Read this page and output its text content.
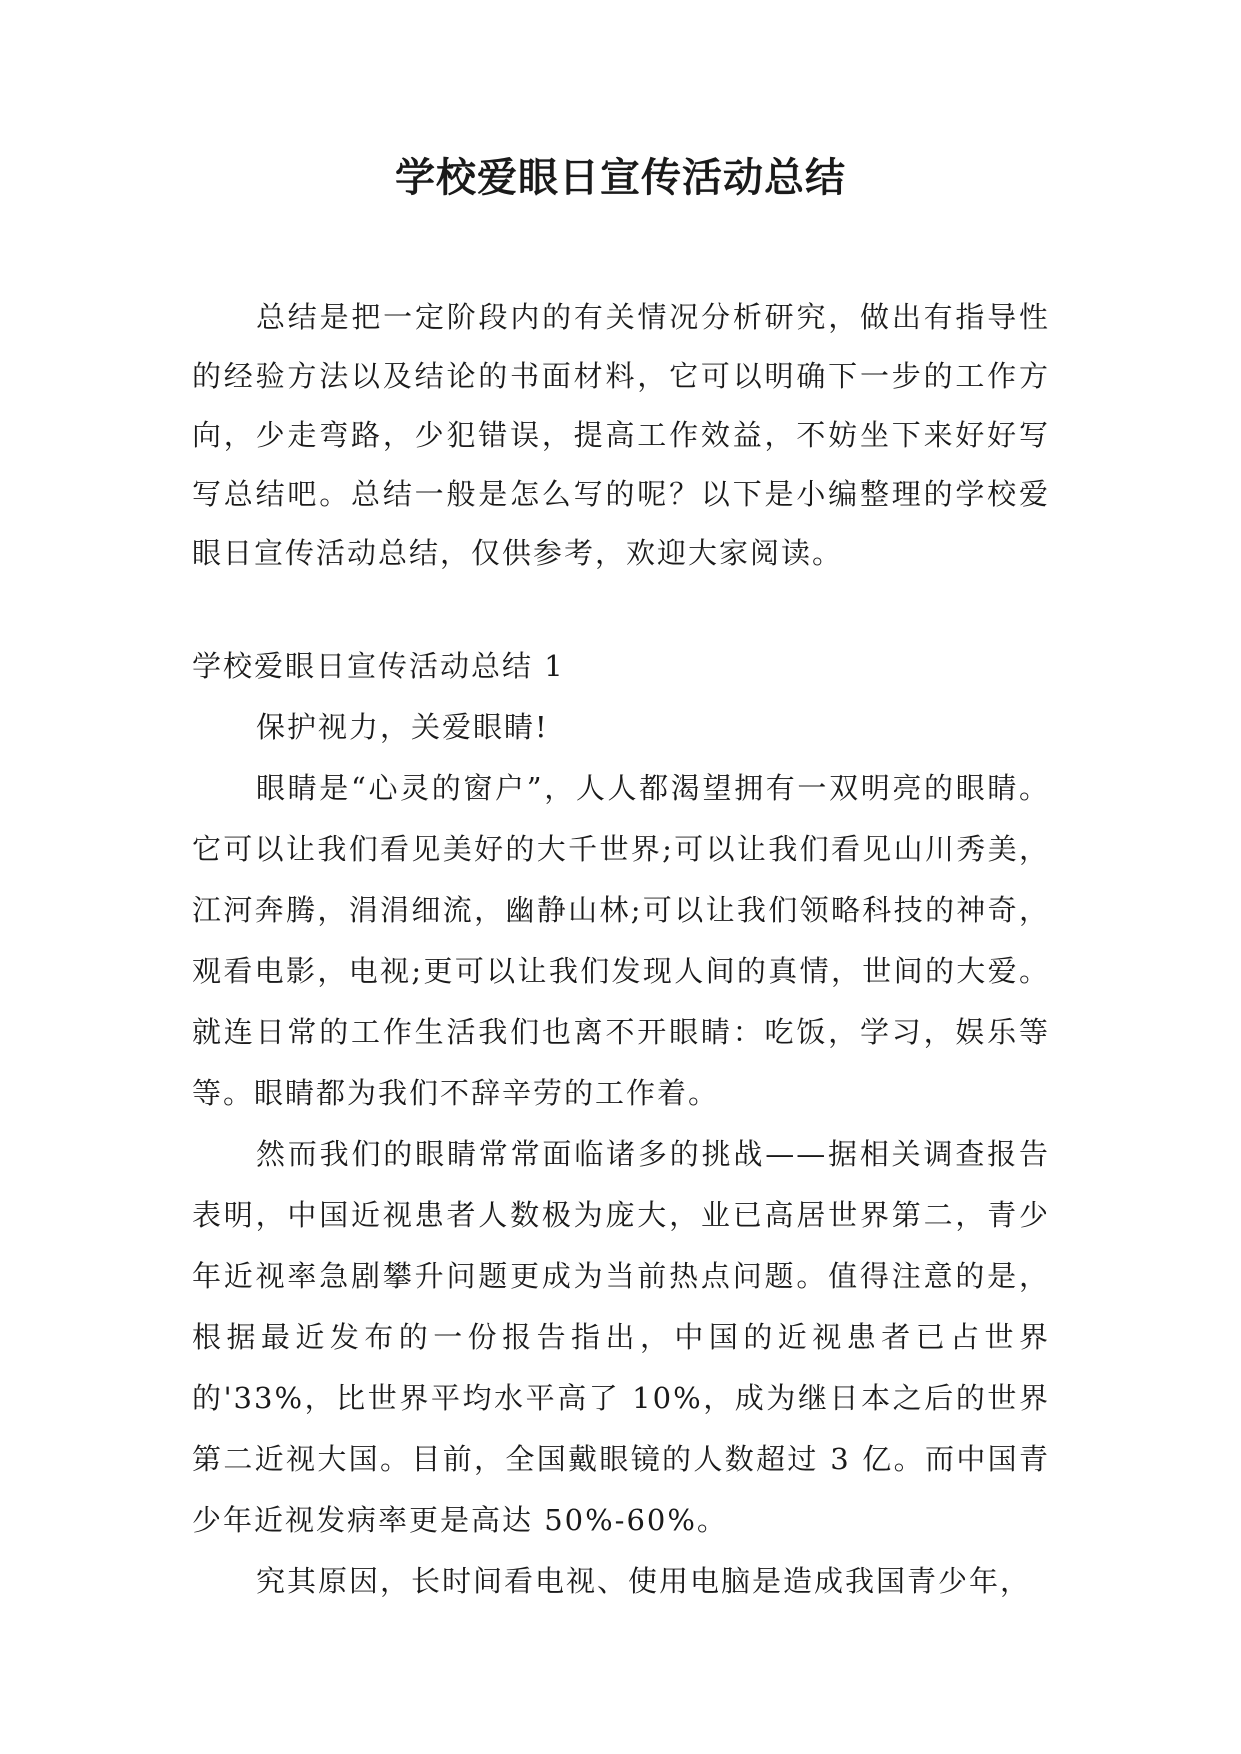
学校爱眼日宣传活动总结

总结是把一定阶段内的有关情况分析研究，做出有指导性的经验方法以及结论的书面材料，它可以明确下一步的工作方向，少走弯路，少犯错误，提高工作效益，不妨坐下来好好写写总结吧。总结一般是怎么写的呢？以下是小编整理的学校爱眼日宣传活动总结，仅供参考，欢迎大家阅读。

学校爱眼日宣传活动总结 1

保护视力，关爱眼睛!

眼睛是“心灵的窗户”，人人都渴望拥有一双明亮的眼睛。它可以让我们看见美好的大千世界;可以让我们看见山川秀美，江河奔腾，涓涓细流，幽静山林;可以让我们领略科技的神奇，观看电影，电视;更可以让我们发现人间的真情，世间的大爱。就连日常的工作生活我们也离不开眼睛：吃饭，学习，娱乐等等。眼睛都为我们不辞辛劳的工作着。

然而我们的眼睛常常面临诸多的挑战——据相关调查报告表明，中国近视患者人数极为庞大，业已高居世界第二，青少年近视率急剧攀升问题更成为当前热点问题。值得注意的是，根据最近发布的一份报告指出，中国的近视患者已占世界的'33%，比世界平均水平高了 10%，成为继日本之后的世界第二近视大国。目前，全国戴眼镜的人数超过 3 亿。而中国青少年近视发病率更是高达 50%-60%。

究其原因，长时间看电视、使用电脑是造成我国青少年，
